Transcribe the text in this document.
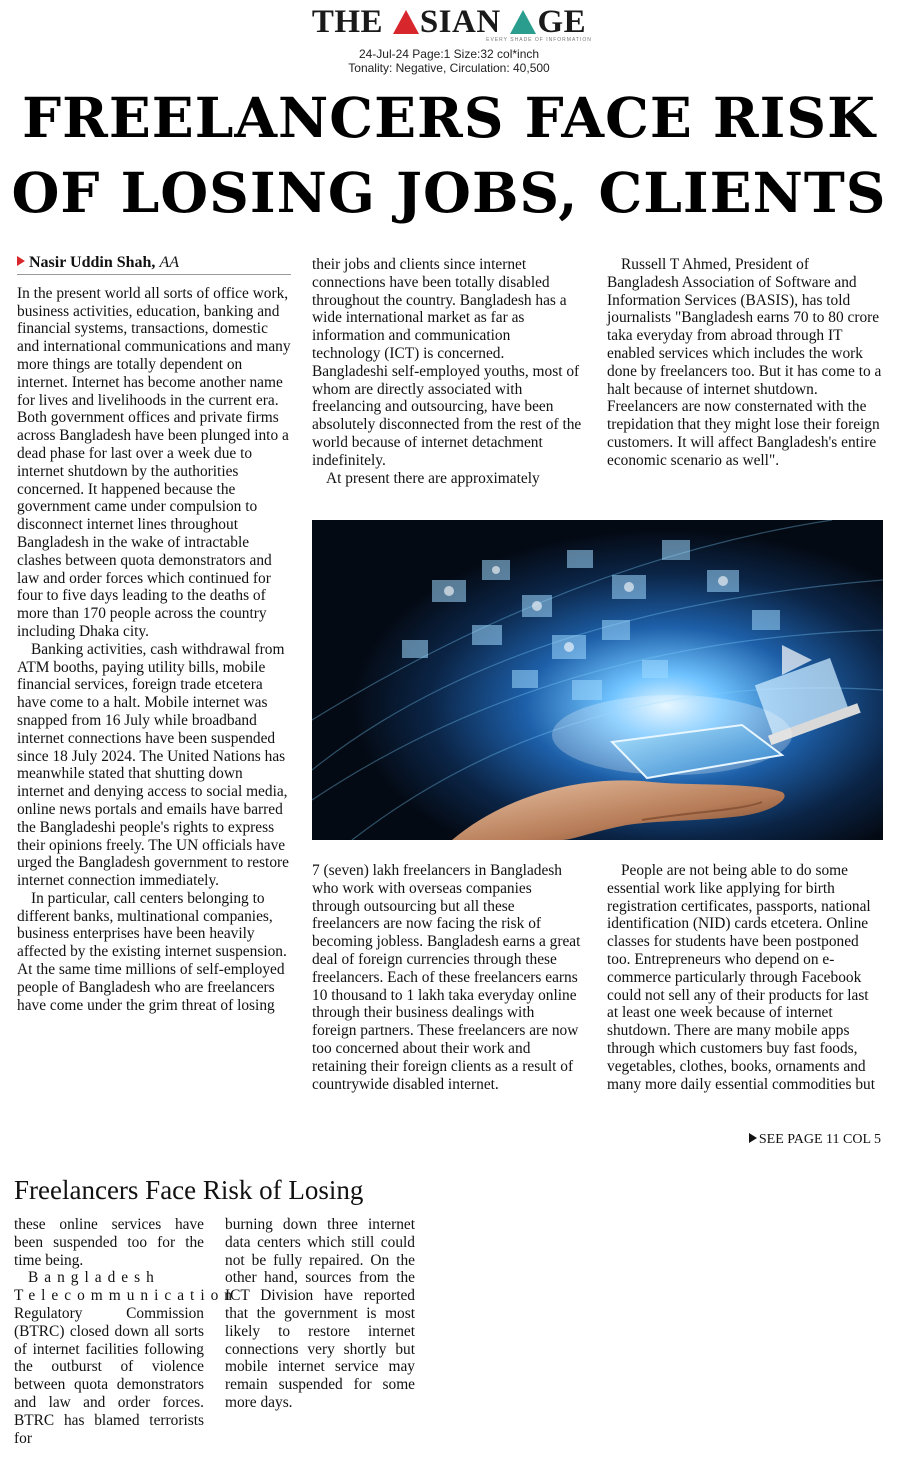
THE SIAN GE
EVERY SHADE OF INFORMATION
24-Jul-24 Page:1 Size:32 col*inch
Tonality: Negative, Circulation: 40,500
FREELANCERS FACE RISK
OF LOSING JOBS, CLIENTS
Nasir Uddin Shah, AA

In the present world all sorts of office work, business activities, education, banking and financial systems, transactions, domestic and international communications and many more things are totally dependent on internet. Internet has become another name for lives and livelihoods in the current era. Both government offices and private firms across Bangladesh have been plunged into a dead phase for last over a week due to internet shutdown by the authorities concerned. It happened because the government came under compulsion to disconnect internet lines throughout Bangladesh in the wake of intractable clashes between quota demonstrators and law and order forces which continued for four to five days leading to the deaths of more than 170 people across the country including Dhaka city.

Banking activities, cash withdrawal from ATM booths, paying utility bills, mobile financial services, foreign trade etcetera have come to a halt. Mobile internet was snapped from 16 July while broadband internet connections have been suspended since 18 July 2024. The United Nations has meanwhile stated that shutting down internet and denying access to social media, online news portals and emails have barred the Bangladeshi people's rights to express their opinions freely. The UN officials have urged the Bangladesh government to restore internet connection immediately.

In particular, call centers belonging to different banks, multinational companies, business enterprises have been heavily affected by the existing internet suspension. At the same time millions of self-employed people of Bangladesh who are freelancers have come under the grim threat of losing

their jobs and clients since internet connections have been totally disabled throughout the country. Bangladesh has a wide international market as far as information and communication technology (ICT) is concerned. Bangladeshi self-employed youths, most of whom are directly associated with freelancing and outsourcing, have been absolutely disconnected from the rest of the world because of internet detachment indefinitely.

At present there are approximately

Russell T Ahmed, President of Bangladesh Association of Software and Information Services (BASIS), has told journalists "Bangladesh earns 70 to 80 crore taka everyday from abroad through IT enabled services which includes the work done by freelancers too. But it has come to a halt because of internet shutdown. Freelancers are now consternated with the trepidation that they might lose their foreign customers. It will affect Bangladesh's entire economic scenario as well".

7 (seven) lakh freelancers in Bangladesh who work with overseas companies through outsourcing but all these freelancers are now facing the risk of becoming jobless. Bangladesh earns a great deal of foreign currencies through these freelancers. Each of these freelancers earns 10 thousand to 1 lakh taka everyday online through their business dealings with foreign partners. These freelancers are now too concerned about their work and retaining their foreign clients as a result of countrywide disabled internet.

People are not being able to do some essential work like applying for birth registration certificates, passports, national identification (NID) cards etcetera. Online classes for students have been postponed too. Entrepreneurs who depend on e-commerce particularly through Facebook could not sell any of their products for last at least one week because of internet shutdown. There are many mobile apps through which customers buy fast foods, vegetables, clothes, books, ornaments and many more daily essential commodities but

SEE PAGE 11 COL 5
Freelancers Face Risk of Losing

these online services have been suspended too for the time being.

Bangladesh Telecommunication

Regulatory Commission (BTRC) closed down all sorts of internet facilities following the outburst of violence between quota demonstrators and law and order forces. BTRC has blamed terrorists for

burning down three internet data centers which still could not be fully repaired. On the other hand, sources from the ICT Division have reported that the government is most likely to restore internet connections very shortly but mobile internet service may remain suspended for some more days.
